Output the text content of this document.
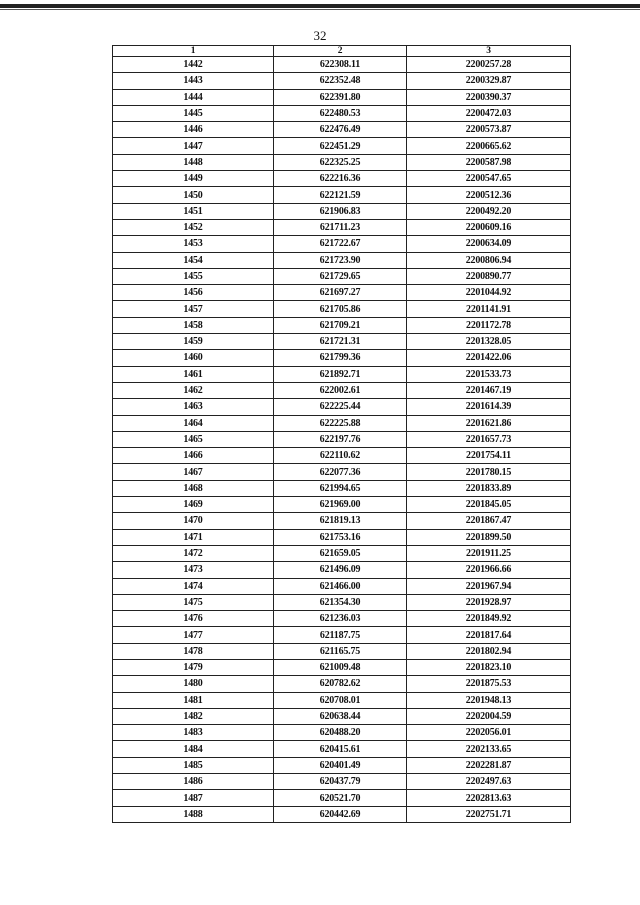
32
1	2	3
1442	622308.11	2200257.28
1443	622352.48	2200329.87
1444	622391.80	2200390.37
1445	622480.53	2200472.03
1446	622476.49	2200573.87
1447	622451.29	2200665.62
1448	622325.25	2200587.98
1449	622216.36	2200547.65
1450	622121.59	2200512.36
1451	621906.83	2200492.20
1452	621711.23	2200609.16
1453	621722.67	2200634.09
1454	621723.90	2200806.94
1455	621729.65	2200890.77
1456	621697.27	2201044.92
1457	621705.86	2201141.91
1458	621709.21	2201172.78
1459	621721.31	2201328.05
1460	621799.36	2201422.06
1461	621892.71	2201533.73
1462	622002.61	2201467.19
1463	622225.44	2201614.39
1464	622225.88	2201621.86
1465	622197.76	2201657.73
1466	622110.62	2201754.11
1467	622077.36	2201780.15
1468	621994.65	2201833.89
1469	621969.00	2201845.05
1470	621819.13	2201867.47
1471	621753.16	2201899.50
1472	621659.05	2201911.25
1473	621496.09	2201966.66
1474	621466.00	2201967.94
1475	621354.30	2201928.97
1476	621236.03	2201849.92
1477	621187.75	2201817.64
1478	621165.75	2201802.94
1479	621009.48	2201823.10
1480	620782.62	2201875.53
1481	620708.01	2201948.13
1482	620638.44	2202004.59
1483	620488.20	2202056.01
1484	620415.61	2202133.65
1485	620401.49	2202281.87
1486	620437.79	2202497.63
1487	620521.70	2202813.63
1488	620442.69	2202751.71
